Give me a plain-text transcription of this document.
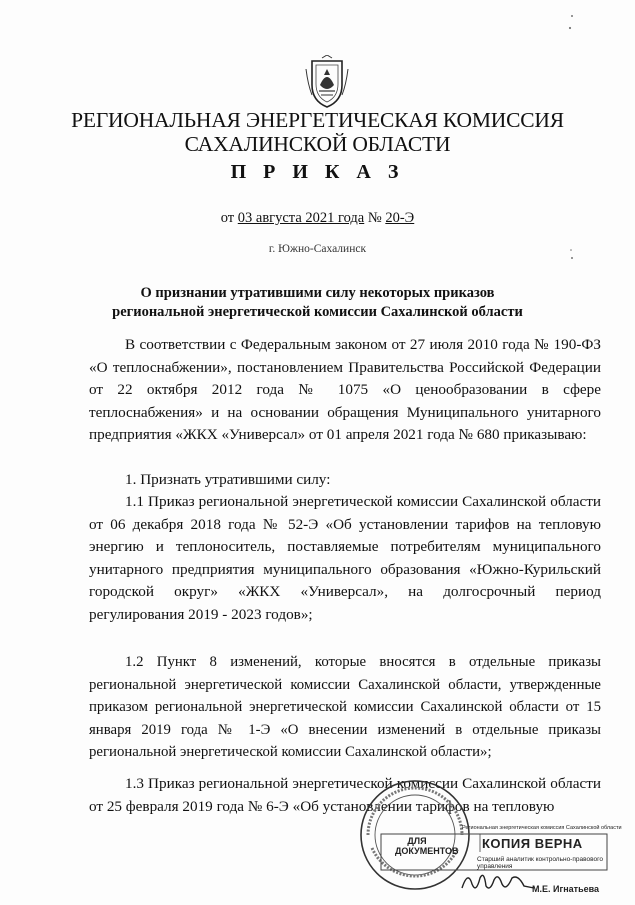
РЕГИОНАЛЬНАЯ ЭНЕРГЕТИЧЕСКАЯ КОМИССИЯ
САХАЛИНСКОЙ ОБЛАСТИ
П Р И К А З
от 03 августа 2021 года № 20-Э
г. Южно-Сахалинск
О признании утратившими силу некоторых приказов
региональной энергетической комиссии Сахалинской области
В соответствии с Федеральным законом от 27 июля 2010 года № 190-ФЗ «О теплоснабжении», постановлением Правительства Российской Федерации от 22 октября 2012 года № 1075 «О ценообразовании в сфере теплоснабжения» и на основании обращения Муниципального унитарного предприятия «ЖКХ «Универсал» от 01 апреля 2021 года № 680 приказываю:
1. Признать утратившими силу:
1.1 Приказ региональной энергетической комиссии Сахалинской области от 06 декабря 2018 года № 52-Э «Об установлении тарифов на тепловую энергию и теплоноситель, поставляемые потребителям муниципального унитарного предприятия муниципального образования «Южно-Курильский городской округ» «ЖКХ «Универсал», на долгосрочный период регулирования 2019 - 2023 годов»;
1.2 Пункт 8 изменений, которые вносятся в отдельные приказы региональной энергетической комиссии Сахалинской области, утвержденные приказом региональной энергетической комиссии Сахалинской области от 15 января 2019 года № 1-Э «О внесении изменений в отдельные приказы региональной энергетической комиссии Сахалинской области»;
1.3 Приказ региональной энергетической комиссии Сахалинской области от 25 февраля 2019 года № 6-Э «Об установлении тарифов на тепловую
ДЛЯ ДОКУМЕНТОВ КОПИЯ ВЕРНА
Региональная энергетическая комиссия Сахалинской области
Старший аналитик контрольно-правового управления
М.Е. Игнатьева
